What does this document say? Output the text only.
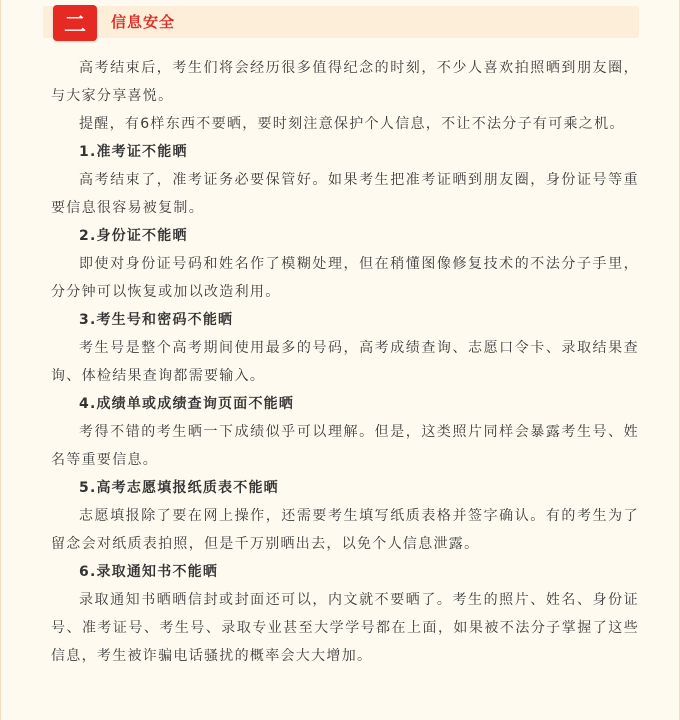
二	信息安全

高考结束后，考生们将会经历很多值得纪念的时刻，不少人喜欢拍照晒到朋友圈，与大家分享喜悦。

提醒，有6样东西不要晒，要时刻注意保护个人信息，不让不法分子有可乘之机。

1.准考证不能晒

高考结束了，准考证务必要保管好。如果考生把准考证晒到朋友圈，身份证号等重要信息很容易被复制。

2.身份证不能晒

即使对身份证号码和姓名作了模糊处理，但在稍懂图像修复技术的不法分子手里，分分钟可以恢复或加以改造利用。

3.考生号和密码不能晒

考生号是整个高考期间使用最多的号码，高考成绩查询、志愿口令卡、录取结果查询、体检结果查询都需要输入。

4.成绩单或成绩查询页面不能晒

考得不错的考生晒一下成绩似乎可以理解。但是，这类照片同样会暴露考生号、姓名等重要信息。

5.高考志愿填报纸质表不能晒

志愿填报除了要在网上操作，还需要考生填写纸质表格并签字确认。有的考生为了留念会对纸质表拍照，但是千万别晒出去，以免个人信息泄露。

6.录取通知书不能晒

录取通知书晒晒信封或封面还可以，内文就不要晒了。考生的照片、姓名、身份证号、准考证号、考生号、录取专业甚至大学学号都在上面，如果被不法分子掌握了这些信息，考生被诈骗电话骚扰的概率会大大增加。
